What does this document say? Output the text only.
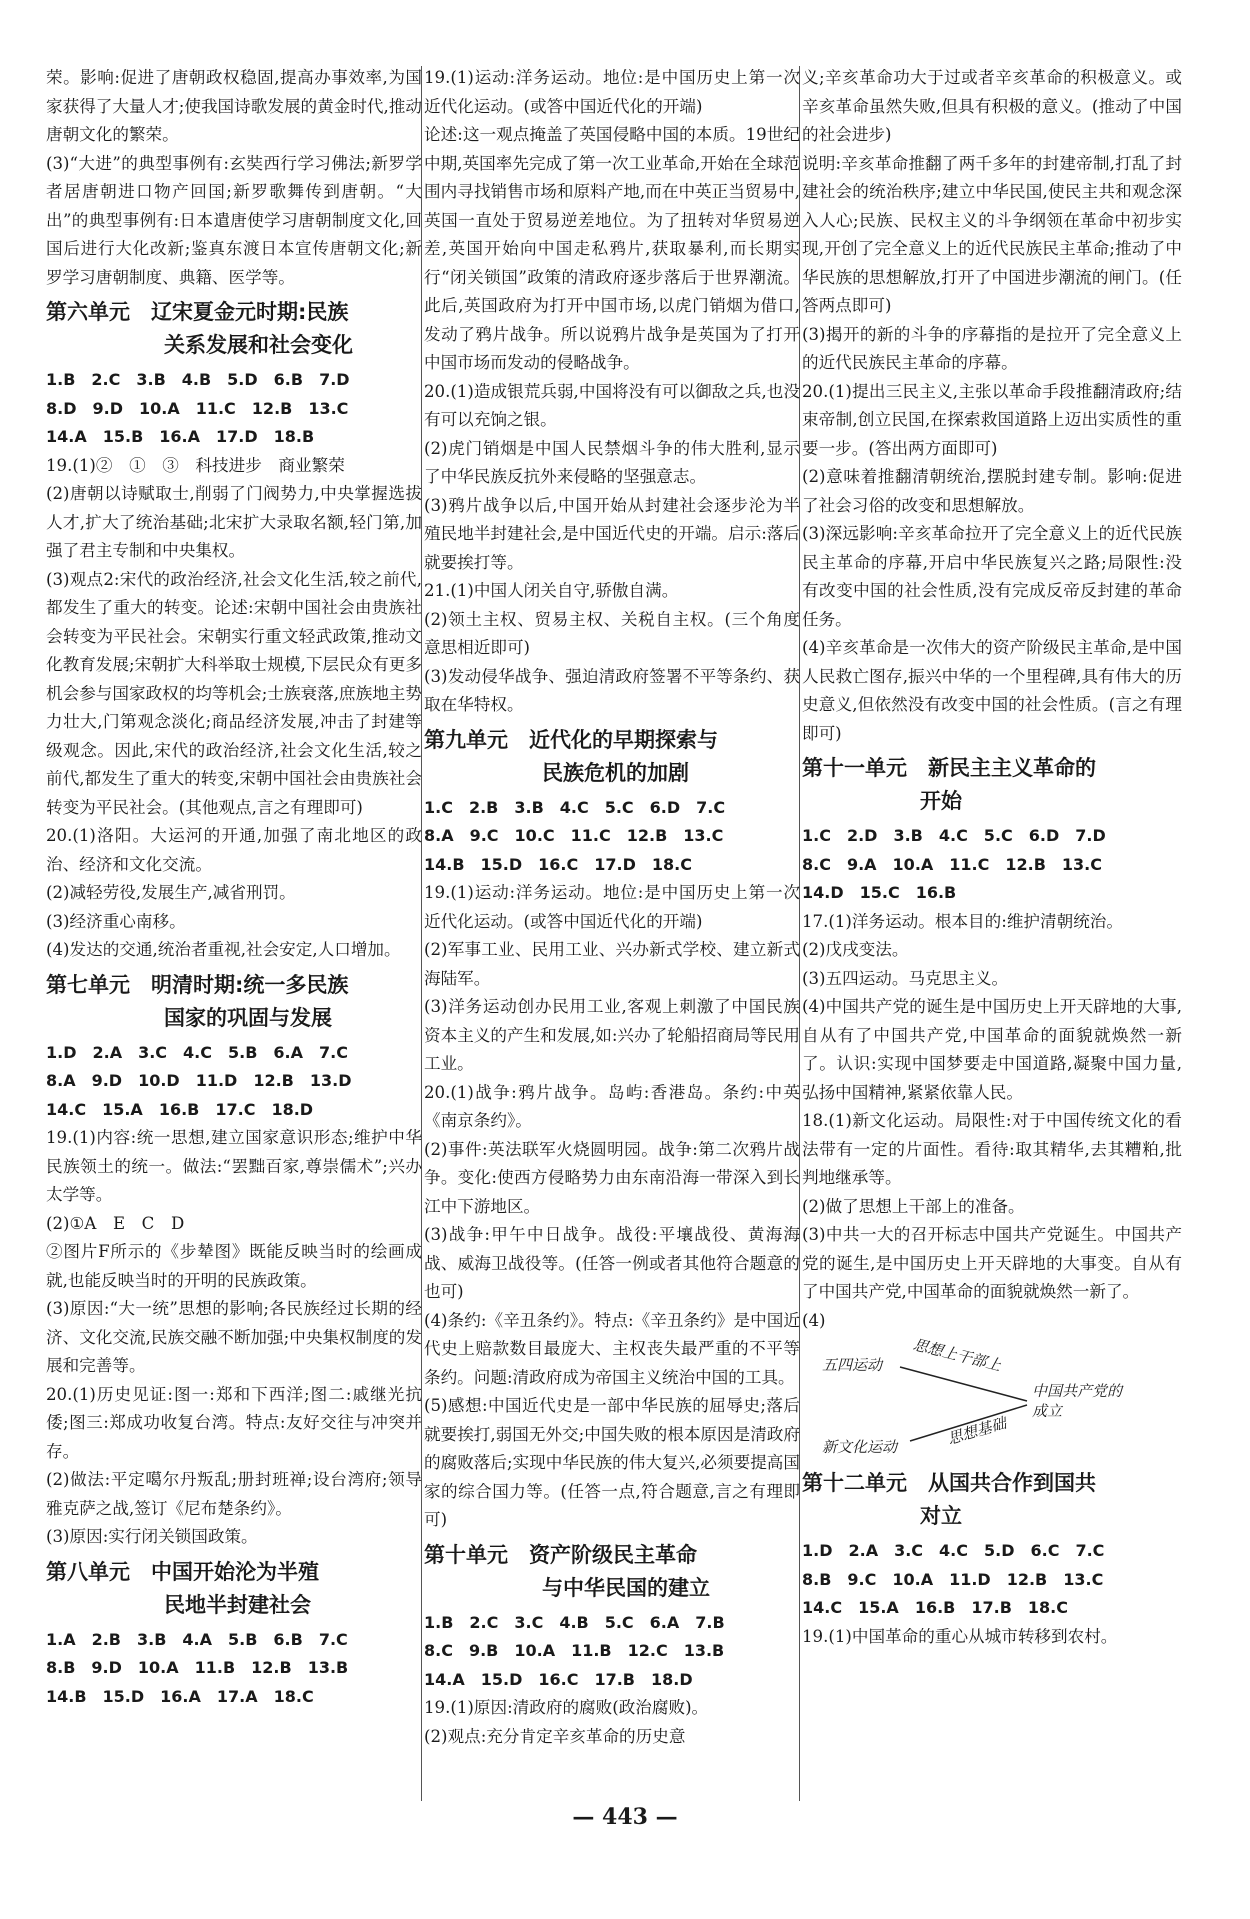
荣。影响:促进了唐朝政权稳固,提高办事效率,为国家获得了大量人才;使我国诗歌发展的黄金时代,推动唐朝文化的繁荣。
(3)“大进”的典型事例有:玄奘西行学习佛法;新罗学者居唐朝进口物产回国;新罗歌舞传到唐朝。“大出”的典型事例有:日本遣唐使学习唐朝制度文化,回国后进行大化改新;鉴真东渡日本宣传唐朝文化;新罗学习唐朝制度、典籍、医学等。
第六单元　辽宋夏金元时期:民族
关系发展和社会变化
1.B　2.C　3.B　4.B　5.D　6.B　7.D
8.D　9.D　10.A　11.C　12.B　13.C
14.A　15.B　16.A　17.D　18.B
19.(1)②　①　③　科技进步　商业繁荣
(2)唐朝以诗赋取士,削弱了门阀势力,中央掌握选拔人才,扩大了统治基础;北宋扩大录取名额,轻门第,加强了君主专制和中央集权。
(3)观点2:宋代的政治经济,社会文化生活,较之前代,都发生了重大的转变。论述:宋朝中国社会由贵族社会转变为平民社会。宋朝实行重文轻武政策,推动文化教育发展;宋朝扩大科举取士规模,下层民众有更多机会参与国家政权的均等机会;士族衰落,庶族地主势力壮大,门第观念淡化;商品经济发展,冲击了封建等级观念。因此,宋代的政治经济,社会文化生活,较之前代,都发生了重大的转变,宋朝中国社会由贵族社会转变为平民社会。(其他观点,言之有理即可)
20.(1)洛阳。大运河的开通,加强了南北地区的政治、经济和文化交流。
(2)减轻劳役,发展生产,减省刑罚。
(3)经济重心南移。
(4)发达的交通,统治者重视,社会安定,人口增加。
第七单元　明清时期:统一多民族
国家的巩固与发展
1.D　2.A　3.C　4.C　5.B　6.A　7.C
8.A　9.D　10.D　11.D　12.B　13.D
14.C　15.A　16.B　17.C　18.D
19.(1)内容:统一思想,建立国家意识形态;维护中华民族领土的统一。做法:“罢黜百家,尊崇儒术”;兴办太学等。
(2)①A　E　C　D
②图片F所示的《步辇图》既能反映当时的绘画成就,也能反映当时的开明的民族政策。
(3)原因:“大一统”思想的影响;各民族经过长期的经济、文化交流,民族交融不断加强;中央集权制度的发展和完善等。
20.(1)历史见证:图一:郑和下西洋;图二:戚继光抗倭;图三:郑成功收复台湾。特点:友好交往与冲突并存。
(2)做法:平定噶尔丹叛乱;册封班禅;设台湾府;领导雅克萨之战,签订《尼布楚条约》。
(3)原因:实行闭关锁国政策。
第八单元　中国开始沦为半殖
民地半封建社会
1.A　2.B　3.B　4.A　5.B　6.B　7.C
8.B　9.D　10.A　11.B　12.B　13.B
14.B　15.D　16.A　17.A　18.C
19.(1)运动:洋务运动。地位:是中国历史上第一次近代化运动。(或答中国近代化的开端)
论述:这一观点掩盖了英国侵略中国的本质。19世纪中期,英国率先完成了第一次工业革命,开始在全球范围内寻找销售市场和原料产地,而在中英正当贸易中,英国一直处于贸易逆差地位。为了扭转对华贸易逆差,英国开始向中国走私鸦片,获取暴利,而长期实行“闭关锁国”政策的清政府逐步落后于世界潮流。此后,英国政府为打开中国市场,以虎门销烟为借口,发动了鸦片战争。所以说鸦片战争是英国为了打开中国市场而发动的侵略战争。
20.(1)造成银荒兵弱,中国将没有可以御敌之兵,也没有可以充饷之银。
(2)虎门销烟是中国人民禁烟斗争的伟大胜利,显示了中华民族反抗外来侵略的坚强意志。
(3)鸦片战争以后,中国开始从封建社会逐步沦为半殖民地半封建社会,是中国近代史的开端。启示:落后就要挨打等。
21.(1)中国人闭关自守,骄傲自满。
(2)领土主权、贸易主权、关税自主权。(三个角度意思相近即可)
(3)发动侵华战争、强迫清政府签署不平等条约、获取在华特权。
第九单元　近代化的早期探索与
民族危机的加剧
1.C　2.B　3.B　4.C　5.C　6.D　7.C
8.A　9.C　10.C　11.C　12.B　13.C
14.B　15.D　16.C　17.D　18.C
19.(1)运动:洋务运动。地位:是中国历史上第一次近代化运动。(或答中国近代化的开端)
(2)军事工业、民用工业、兴办新式学校、建立新式海陆军。
(3)洋务运动创办民用工业,客观上刺激了中国民族资本主义的产生和发展,如:兴办了轮船招商局等民用工业。
20.(1)战争:鸦片战争。岛屿:香港岛。条约:中英《南京条约》。
(2)事件:英法联军火烧圆明园。战争:第二次鸦片战争。变化:使西方侵略势力由东南沿海一带深入到长江中下游地区。
(3)战争:甲午中日战争。战役:平壤战役、黄海海战、威海卫战役等。(任答一例或者其他符合题意的也可)
(4)条约:《辛丑条约》。特点:《辛丑条约》是中国近代史上赔款数目最庞大、主权丧失最严重的不平等条约。问题:清政府成为帝国主义统治中国的工具。
(5)感想:中国近代史是一部中华民族的屈辱史;落后就要挨打,弱国无外交;中国失败的根本原因是清政府的腐败落后;实现中华民族的伟大复兴,必须要提高国家的综合国力等。(任答一点,符合题意,言之有理即可)
第十单元　资产阶级民主革命
与中华民国的建立
1.B　2.C　3.C　4.B　5.C　6.A　7.B
8.C　9.B　10.A　11.B　12.C　13.B
14.A　15.D　16.C　17.B　18.D
19.(1)原因:清政府的腐败(政治腐败)。
(2)观点:充分肯定辛亥革命的历史意
义;辛亥革命功大于过或者辛亥革命的积极意义。或辛亥革命虽然失败,但具有积极的意义。(推动了中国的社会进步)
说明:辛亥革命推翻了两千多年的封建帝制,打乱了封建社会的统治秩序;建立中华民国,使民主共和观念深入人心;民族、民权主义的斗争纲领在革命中初步实现,开创了完全意义上的近代民族民主革命;推动了中华民族的思想解放,打开了中国进步潮流的闸门。(任答两点即可)
(3)揭开的新的斗争的序幕指的是拉开了完全意义上的近代民族民主革命的序幕。
20.(1)提出三民主义,主张以革命手段推翻清政府;结束帝制,创立民国,在探索救国道路上迈出实质性的重要一步。(答出两方面即可)
(2)意味着推翻清朝统治,摆脱封建专制。影响:促进了社会习俗的改变和思想解放。
(3)深远影响:辛亥革命拉开了完全意义上的近代民族民主革命的序幕,开启中华民族复兴之路;局限性:没有改变中国的社会性质,没有完成反帝反封建的革命任务。
(4)辛亥革命是一次伟大的资产阶级民主革命,是中国人民救亡图存,振兴中华的一个里程碑,具有伟大的历史意义,但依然没有改变中国的社会性质。(言之有理即可)
第十一单元　新民主主义革命的
开始
1.C　2.D　3.B　4.C　5.C　6.D　7.D
8.C　9.A　10.A　11.C　12.B　13.C
14.D　15.C　16.B
17.(1)洋务运动。根本目的:维护清朝统治。
(2)戊戌变法。
(3)五四运动。马克思主义。
(4)中国共产党的诞生是中国历史上开天辟地的大事,自从有了中国共产党,中国革命的面貌就焕然一新了。认识:实现中国梦要走中国道路,凝聚中国力量,弘扬中国精神,紧紧依靠人民。
18.(1)新文化运动。局限性:对于中国传统文化的看法带有一定的片面性。看待:取其精华,去其糟粕,批判地继承等。
(2)做了思想上干部上的准备。
(3)中共一大的召开标志中国共产党诞生。中国共产党的诞生,是中国历史上开天辟地的大事变。自从有了中国共产党,中国革命的面貌就焕然一新了。
(4)
五四运动 思想上干部上
中国共产党的成立
新文化运动	思想基础
第十二单元　从国共合作到国共
对立
1.D　2.A　3.C　4.C　5.D　6.C　7.C
8.B　9.C　10.A　11.D　12.B　13.C
14.C　15.A　16.B　17.B　18.C
19.(1)中国革命的重心从城市转移到农村。
— 443 —
